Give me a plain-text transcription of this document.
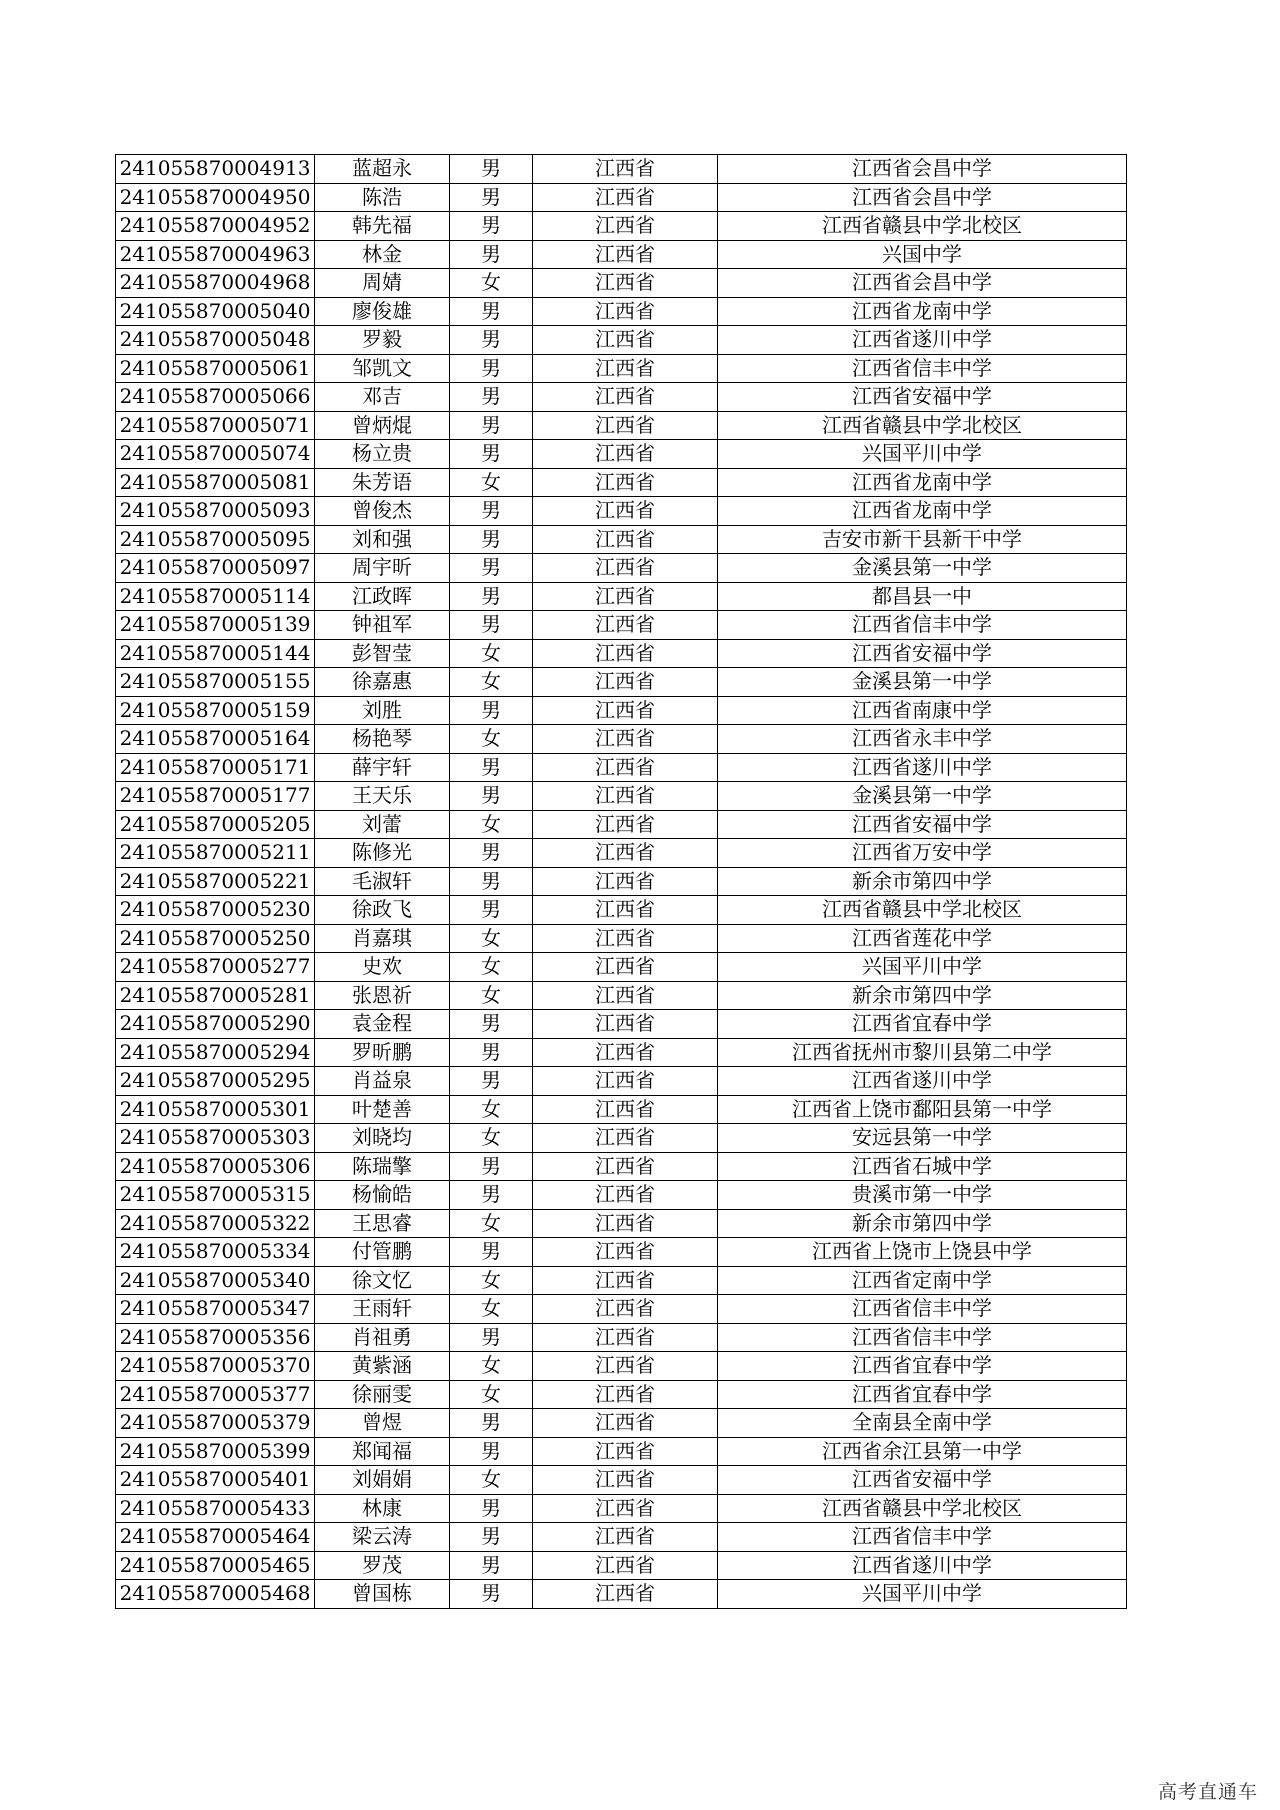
241055870004913	蓝超永	男	江西省	江西省会昌中学
241055870004950	陈浩	男	江西省	江西省会昌中学
241055870004952	韩先福	男	江西省	江西省赣县中学北校区
241055870004963	林金	男	江西省	兴国中学
241055870004968	周婧	女	江西省	江西省会昌中学
241055870005040	廖俊雄	男	江西省	江西省龙南中学
241055870005048	罗毅	男	江西省	江西省遂川中学
241055870005061	邹凯文	男	江西省	江西省信丰中学
241055870005066	邓吉	男	江西省	江西省安福中学
241055870005071	曾炳焜	男	江西省	江西省赣县中学北校区
241055870005074	杨立贵	男	江西省	兴国平川中学
241055870005081	朱芳语	女	江西省	江西省龙南中学
241055870005093	曾俊杰	男	江西省	江西省龙南中学
241055870005095	刘和强	男	江西省	吉安市新干县新干中学
241055870005097	周宇昕	男	江西省	金溪县第一中学
241055870005114	江政晖	男	江西省	都昌县一中
241055870005139	钟祖军	男	江西省	江西省信丰中学
241055870005144	彭智莹	女	江西省	江西省安福中学
241055870005155	徐嘉惠	女	江西省	金溪县第一中学
241055870005159	刘胜	男	江西省	江西省南康中学
241055870005164	杨艳琴	女	江西省	江西省永丰中学
241055870005171	薛宇轩	男	江西省	江西省遂川中学
241055870005177	王天乐	男	江西省	金溪县第一中学
241055870005205	刘蕾	女	江西省	江西省安福中学
241055870005211	陈修光	男	江西省	江西省万安中学
241055870005221	毛淑轩	男	江西省	新余市第四中学
241055870005230	徐政飞	男	江西省	江西省赣县中学北校区
241055870005250	肖嘉琪	女	江西省	江西省莲花中学
241055870005277	史欢	女	江西省	兴国平川中学
241055870005281	张恩祈	女	江西省	新余市第四中学
241055870005290	袁金程	男	江西省	江西省宜春中学
241055870005294	罗昕鹏	男	江西省	江西省抚州市黎川县第二中学
241055870005295	肖益泉	男	江西省	江西省遂川中学
241055870005301	叶楚善	女	江西省	江西省上饶市鄱阳县第一中学
241055870005303	刘晓均	女	江西省	安远县第一中学
241055870005306	陈瑞擎	男	江西省	江西省石城中学
241055870005315	杨愉皓	男	江西省	贵溪市第一中学
241055870005322	王思睿	女	江西省	新余市第四中学
241055870005334	付管鹏	男	江西省	江西省上饶市上饶县中学
241055870005340	徐文忆	女	江西省	江西省定南中学
241055870005347	王雨轩	女	江西省	江西省信丰中学
241055870005356	肖祖勇	男	江西省	江西省信丰中学
241055870005370	黄紫涵	女	江西省	江西省宜春中学
241055870005377	徐丽雯	女	江西省	江西省宜春中学
241055870005379	曾煜	男	江西省	全南县全南中学
241055870005399	郑闻福	男	江西省	江西省余江县第一中学
241055870005401	刘娟娟	女	江西省	江西省安福中学
241055870005433	林康	男	江西省	江西省赣县中学北校区
241055870005464	梁云涛	男	江西省	江西省信丰中学
241055870005465	罗茂	男	江西省	江西省遂川中学
241055870005468	曾国栋	男	江西省	兴国平川中学
高考直通车
